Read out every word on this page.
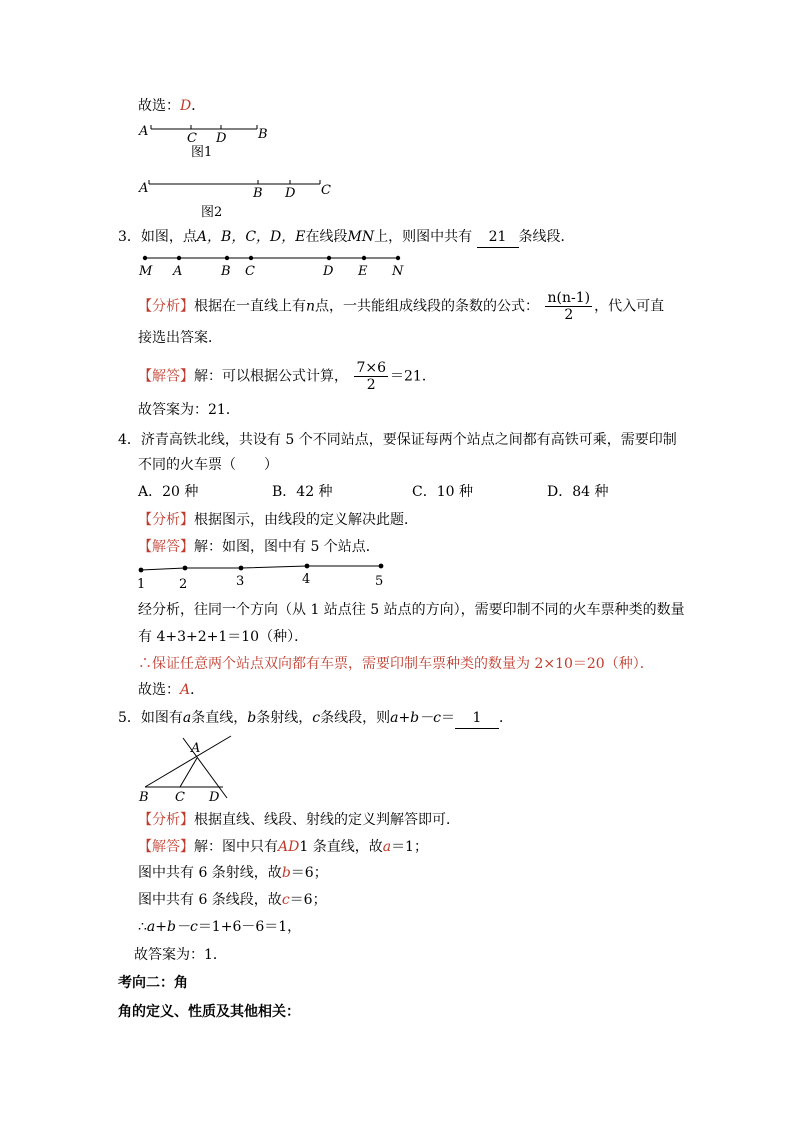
故选：D．
A	C D B
图1
A	B D C
图2
3．如图，点A，B，C，D，E在线段MN上，则图中共有 21 条线段．
M A	B C	D E N
【分析】根据在一直线上有n点，一共能组成线段的条数的公式： $\frac{n(n-1)}{2}$ ，代入可直
接选出答案．
【解答】解：可以根据公式计算， $\frac{7\times 6}{2} =21$．
故答案为：21．
4．济青高铁北线，共设有 5 个不同站点，要保证每两个站点之间都有高铁可乘，需要印制
不同的火车票（　　）
A．20 种	B．42 种	C．10 种	D．84 种
【分析】根据图示，由线段的定义解决此题．
【解答】解：如图，图中有 5 个站点．
1	2	3	4	5
经分析，往同一个方向（从 1 站点往 5 站点的方向），需要印制不同的火车票种类的数量
有 4+3+2+1＝10（种）．
∴保证任意两个站点双向都有车票，需要印制车票种类的数量为 2×10＝20（种）．
故选：A．
5．如图有a条直线，b条射线，c条线段，则a+b－c＝ 1 ．
A
B C D
【分析】根据直线、线段、射线的定义判解答即可．
【解答】解：图中只有AD1 条直线，故a＝1；
图中共有 6 条射线，故b＝6；
图中共有 6 条线段，故c＝6；
∴a+b－c＝1+6－6＝1，
故答案为：1．
考向二：角
角的定义、性质及其他相关：
